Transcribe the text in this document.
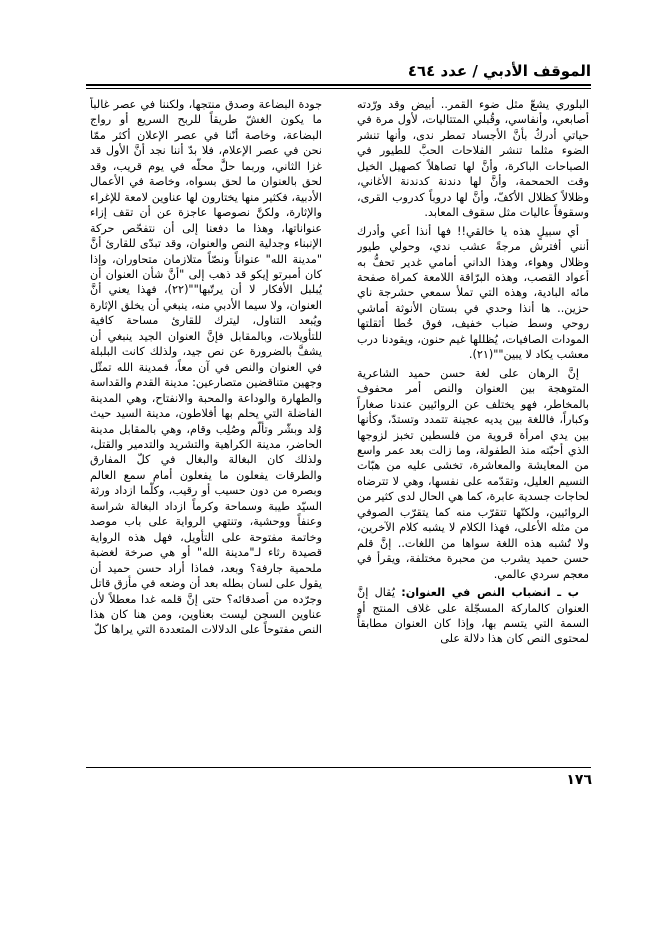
الموقف الأدبي / عدد ٤٦٤

البلوري يشعّ مثل ضوء القمر.. أبيض وقد ورّدته أصابعي، وأنفاسي، وقُبلي المتتاليات، لأول مرة في حياتي أدركُ بأنَّ الأجساد تمطر ندى، وأنها تنشر الضوء مثلما تنشر الفلاحات الحبَّ للطيور في الصباحات الباكرة، وأنَّ لها تصاهلاً كصهيل الخيل وقت الحمحمة، وأنَّ لها دندنة كدندنة الأغاني، وظلالاً كظلال الأكفّ، وأنَّ لها دروباً كدروب القرى، وسقوفاً عاليات مثل سقوف المعابد.

أي سبيلٍ هذه يا خالقي!! فها أنذا أعي وأدرك أنني أفترش مرجةً عشب ندي، وحولي طيور وظلال وهواء، وهذا الداني أمامي غدير تحفُّ به أعواد القصب، وهذه البرّاقة اللامعة كمراة صفحة مائه البادية، وهذه التي تملأ سمعي حشرجة ناي حزين.. ها أنذا وحدي في بستان الأنوثة أماشي روحي وسط ضباب خفيف، فوق خُطا أثقلتها المودات الصافيات، يُظللها غيم حنون، ويقودنا درب معشب يكاد لا يبين""(٢١).

إنَّ الرهان على لغة حسن حميد الشاعرية المتوهجة بين العنوان والنص أمر محفوف بالمخاطر، فهو يختلف عن الروائيين عندنا صغاراً وكباراً، فاللغة بين يديه عجينة تتمدد وتستدّ، وكأنها بين يدي امرأة قروية من فلسطين تخبز لزوجها الذي أحبّته منذ الطفولة، وما زالت بعد عمر واسع من المعايشة والمعاشرة، تخشى عليه من هبّات النسيم العليل، وتقدّمه على نفسها، وهي لا تترضاه لحاجات جسدية عابرة، كما هي الحال لدى كثير من الروائيين، ولكنّها تتقرّب منه كما يتقرّب الصوفي من مثله الأعلى، فهذا الكلام لا يشبه كلام الآخرين، ولا تُشبه هذه اللغة سواها من اللغات.. إنَّ قلم حسن حميد يشرب من محبرة مختلفة، ويقرأ في معجم سردي عالمي.

ب ـ انضباب النص في العنوان: يُقال إنَّ العنوان كالماركة المسجّلة على غلاف المنتج أو السمة التي يتسم بها، وإذا كان العنوان مطابقاً لمحتوى النص كان هذا دلالة على

جودة البضاعة وصدق منتجها، ولكننا في عصر غالباً ما يكون الغشّ طريقاً للربح السريع أو رواج البضاعة، وخاصة أنّنا في عصر الإعلان أكثر ممّا نحن في عصر الإعلام، فلا بدّ أننا نجد أنَّ الأول قد غزا الثاني، وربما حلَّ محلّه في يوم قريب، وقد لحق بالعنوان ما لحق بسواه، وخاصة في الأعمال الأدبية، فكثير منها يختارون لها عناوين لامعة للإغراء والإثارة، ولكنَّ نصوصها عاجزة عن أن تقف إزاء عنواناتها، وهذا ما دفعنا إلى أن نتفحّص حركة الإنبناء وجدلية النص والعنوان، وقد تبدّى للقارئ أنَّ "مدينة الله" عنواناً ونصّاً متلازمان متحاوران، وإذا كان أمبرتو إيكو قد ذهب إلى "أنَّ شأن العنوان أن يُبلبل الأفكار لا أن يرتّبها""(٢٢)، فهذا يعني أنَّ العنوان، ولا سيما الأدبي منه، ينبغي أن يخلق الإثارة ويُبعد التناول، ليترك للقارئ مساحة كافية للتأويلات، وبالمقابل فإنَّ العنوان الجيد ينبغي أن يشفَّ بالضرورة عن نص جيد، ولذلك كانت البلبلة في العنوان والنص في آن معاً، فمدينة الله تمثّل وجهين متناقضين متصارعين: مدينة القدم والقداسة والطهارة والوداعة والمحبة والانفتاح، وهي المدينة الفاضلة التي يحلم بها أفلاطون، مدينة السيد حيث وُلد وبشّر وتألّم وصُلِب وقام، وهي بالمقابل مدينة الحاضر، مدينة الكراهية والتشريد والتدمير والقتل، ولذلك كان البغالة والبغال في كلّ المفارق والطرقات يفعلون ما يفعلون أمام سمع العالم وبصره من دون حسيب أو رقيب، وكلّما ازداد ورثة السيّد طيبة وسماحة وكرماً ازداد البغالة شراسة وعنفاً ووحشية، وتنتهي الرواية على باب موصد وخاتمة مفتوحة على التأويل، فهل هذه الرواية قصيدة رثاء لـ"مدينة الله" أو هي صرخة لغضبة ملحمية جارفة؟ وبعد، فماذا أراد حسن حميد أن يقول على لسان بطله بعد أن وضعه في مأزق قاتل وجرّده من أصدقائه؟ حتى إنَّ قلمه غدا معطلاً لأن عناوين السجن ليست بعناوين، ومن هنا كان هذا النص مفتوحاً على الدلالات المتعددة التي يراها كلّ

١٧٦
